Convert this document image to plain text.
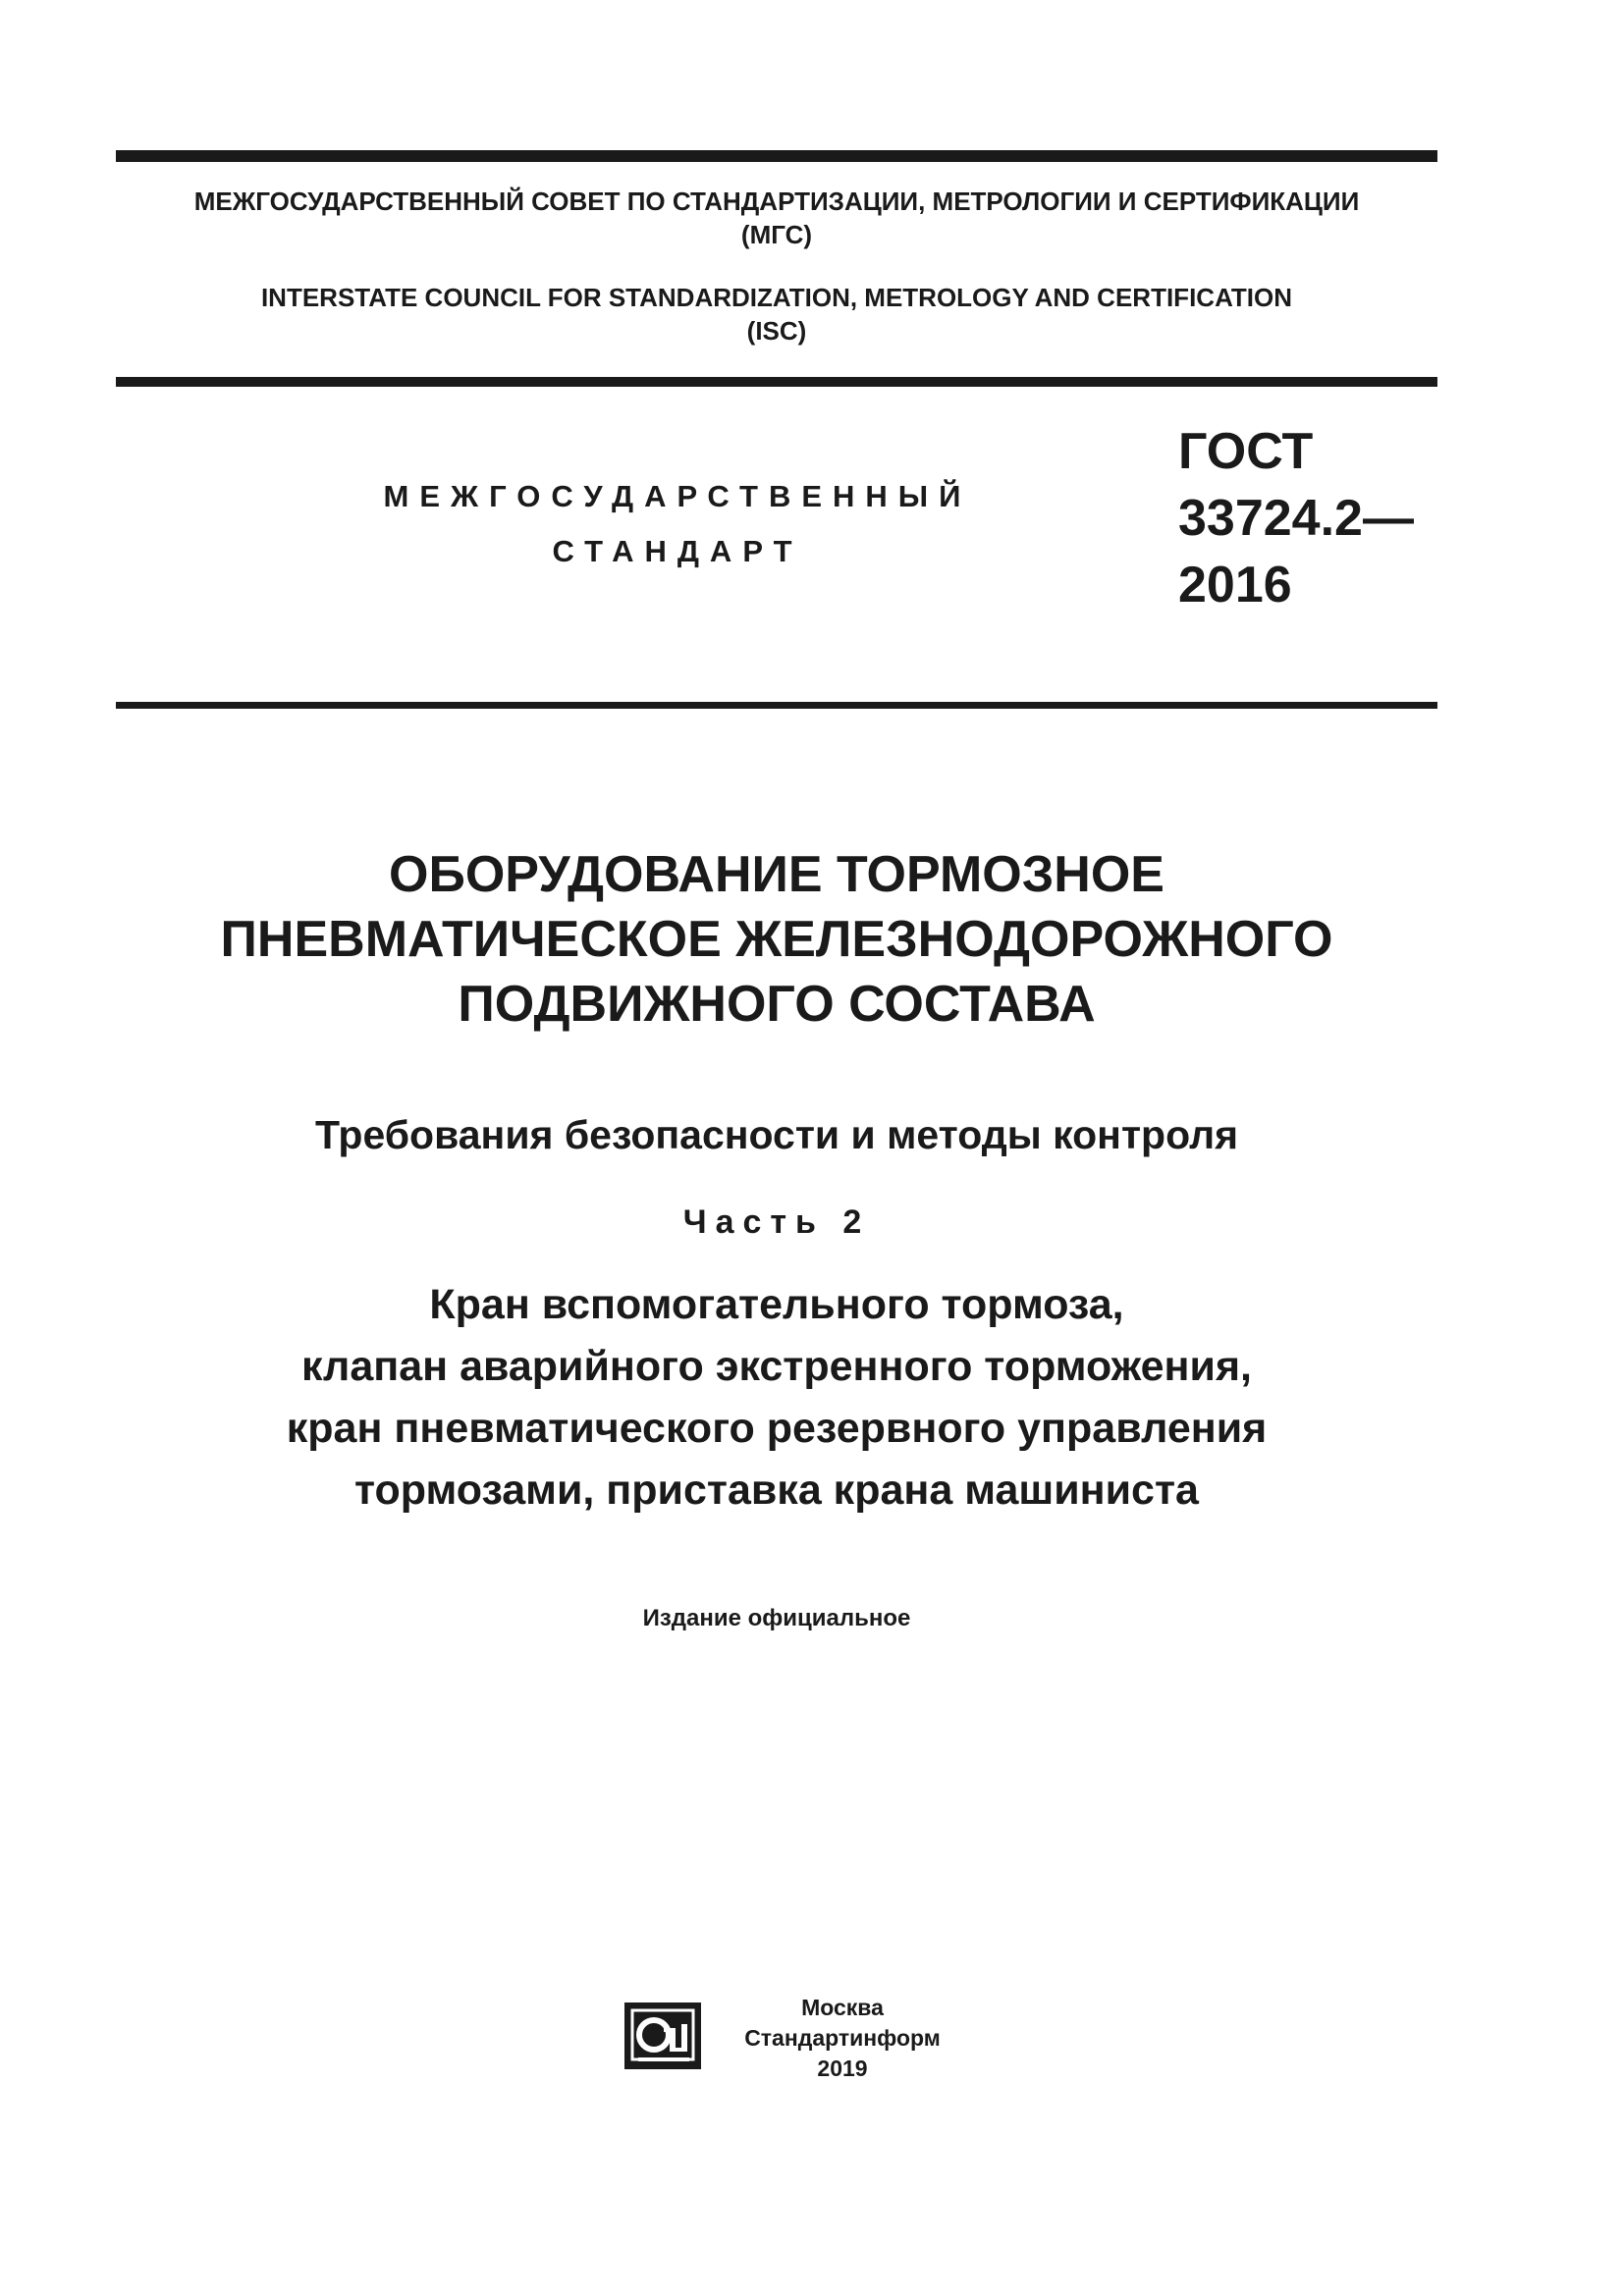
МЕЖГОСУДАРСТВЕННЫЙ СОВЕТ ПО СТАНДАРТИЗАЦИИ, МЕТРОЛОГИИ И СЕРТИФИКАЦИИ
(МГС)
INTERSTATE COUNCIL FOR STANDARDIZATION, METROLOGY AND CERTIFICATION
(ISC)
МЕЖГОСУДАРСТВЕННЫЙ
СТАНДАРТ
ГОСТ
33724.2—
2016
ОБОРУДОВАНИЕ ТОРМОЗНОЕ
ПНЕВМАТИЧЕСКОЕ ЖЕЛЕЗНОДОРОЖНОГО
ПОДВИЖНОГО СОСТАВА
Требования безопасности и методы контроля
Часть 2
Кран вспомогательного тормоза,
клапан аварийного экстренного торможения,
кран пневматического резервного управления
тормозами, приставка крана машиниста
Издание официальное
Москва
Стандартинформ
2019
